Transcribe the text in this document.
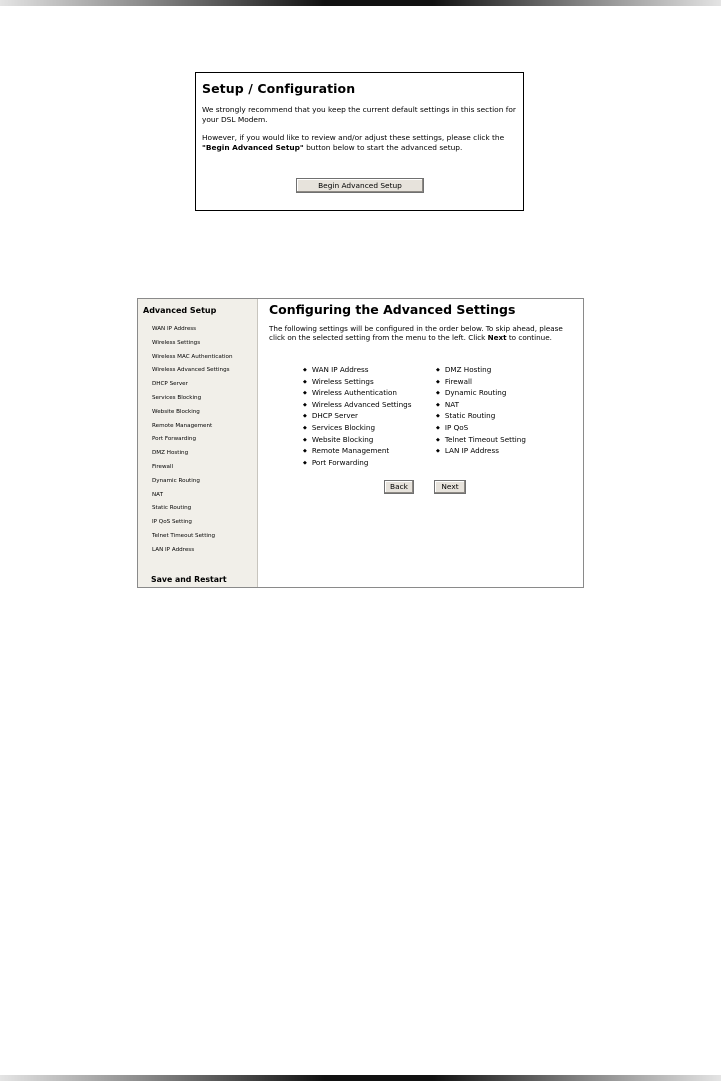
Setup / Configuration

We strongly recommend that you keep the current default settings in this section for your DSL Modem.

However, if you would like to review and/or adjust these settings, please click the "Begin Advanced Setup" button below to start the advanced setup.

Begin Advanced Setup
Advanced Setup
WAN IP Address
Wireless Settings
Wireless MAC Authentication
Wireless Advanced Settings
DHCP Server
Services Blocking
Website Blocking
Remote Management
Port Forwarding
DMZ Hosting
Firewall
Dynamic Routing
NAT
Static Routing
IP QoS Setting
Telnet Timeout Setting
LAN IP Address
Save and Restart
Configuring the Advanced Settings

The following settings will be configured in the order below. To skip ahead, please click on the selected setting from the menu to the left. Click Next to continue.

◆ WAN IP Address
◆ Wireless Settings
◆ Wireless Authentication
◆ Wireless Advanced Settings
◆ DHCP Server
◆ Services Blocking
◆ Website Blocking
◆ Remote Management
◆ Port Forwarding
◆ DMZ Hosting
◆ Firewall
◆ Dynamic Routing
◆ NAT
◆ Static Routing
◆ IP QoS
◆ Telnet Timeout Setting
◆ LAN IP Address
Back	Next
